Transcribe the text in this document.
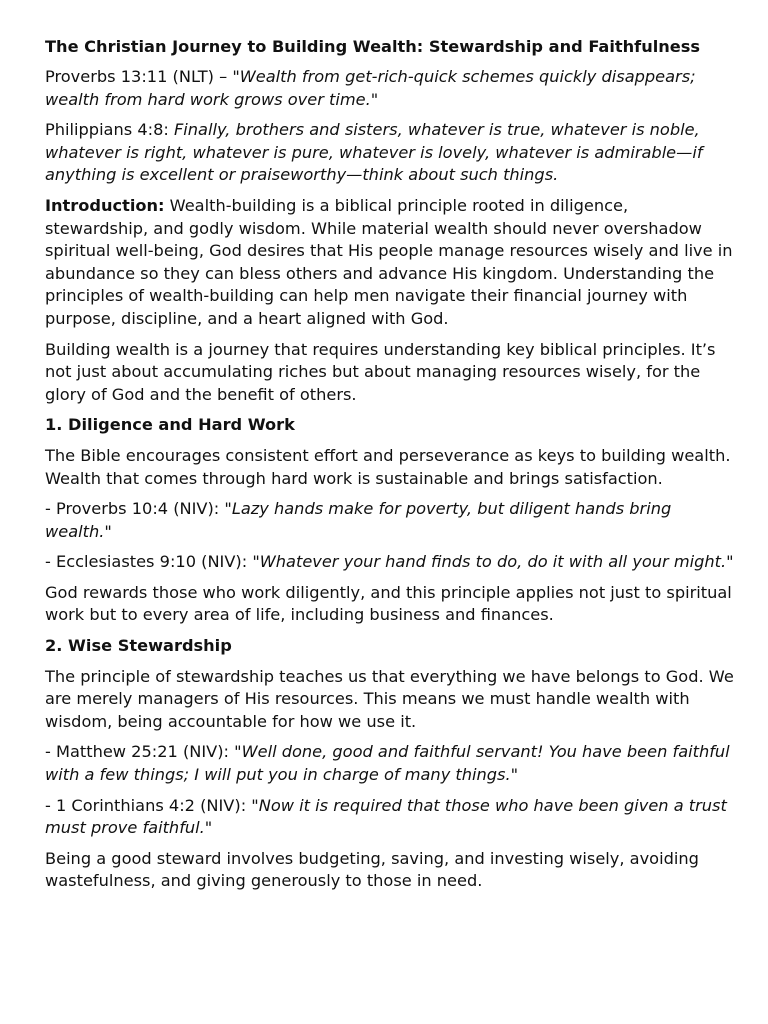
The Christian Journey to Building Wealth: Stewardship and Faithfulness
Proverbs 13:11 (NLT) – "Wealth from get-rich-quick schemes quickly disappears; wealth from hard work grows over time."
Philippians 4:8: Finally, brothers and sisters, whatever is true, whatever is noble, whatever is right, whatever is pure, whatever is lovely, whatever is admirable—if anything is excellent or praiseworthy—think about such things.
Introduction: Wealth-building is a biblical principle rooted in diligence, stewardship, and godly wisdom. While material wealth should never overshadow spiritual well-being, God desires that His people manage resources wisely and live in abundance so they can bless others and advance His kingdom. Understanding the principles of wealth-building can help men navigate their financial journey with purpose, discipline, and a heart aligned with God.
Building wealth is a journey that requires understanding key biblical principles. It’s not just about accumulating riches but about managing resources wisely, for the glory of God and the benefit of others.
1. Diligence and Hard Work
The Bible encourages consistent effort and perseverance as keys to building wealth. Wealth that comes through hard work is sustainable and brings satisfaction.
- Proverbs 10:4 (NIV): "Lazy hands make for poverty, but diligent hands bring wealth."
- Ecclesiastes 9:10 (NIV): "Whatever your hand finds to do, do it with all your might."
God rewards those who work diligently, and this principle applies not just to spiritual work but to every area of life, including business and finances.
2. Wise Stewardship
The principle of stewardship teaches us that everything we have belongs to God. We are merely managers of His resources. This means we must handle wealth with wisdom, being accountable for how we use it.
- Matthew 25:21 (NIV): "Well done, good and faithful servant! You have been faithful with a few things; I will put you in charge of many things."
- 1 Corinthians 4:2 (NIV): "Now it is required that those who have been given a trust must prove faithful."
Being a good steward involves budgeting, saving, and investing wisely, avoiding wastefulness, and giving generously to those in need.
